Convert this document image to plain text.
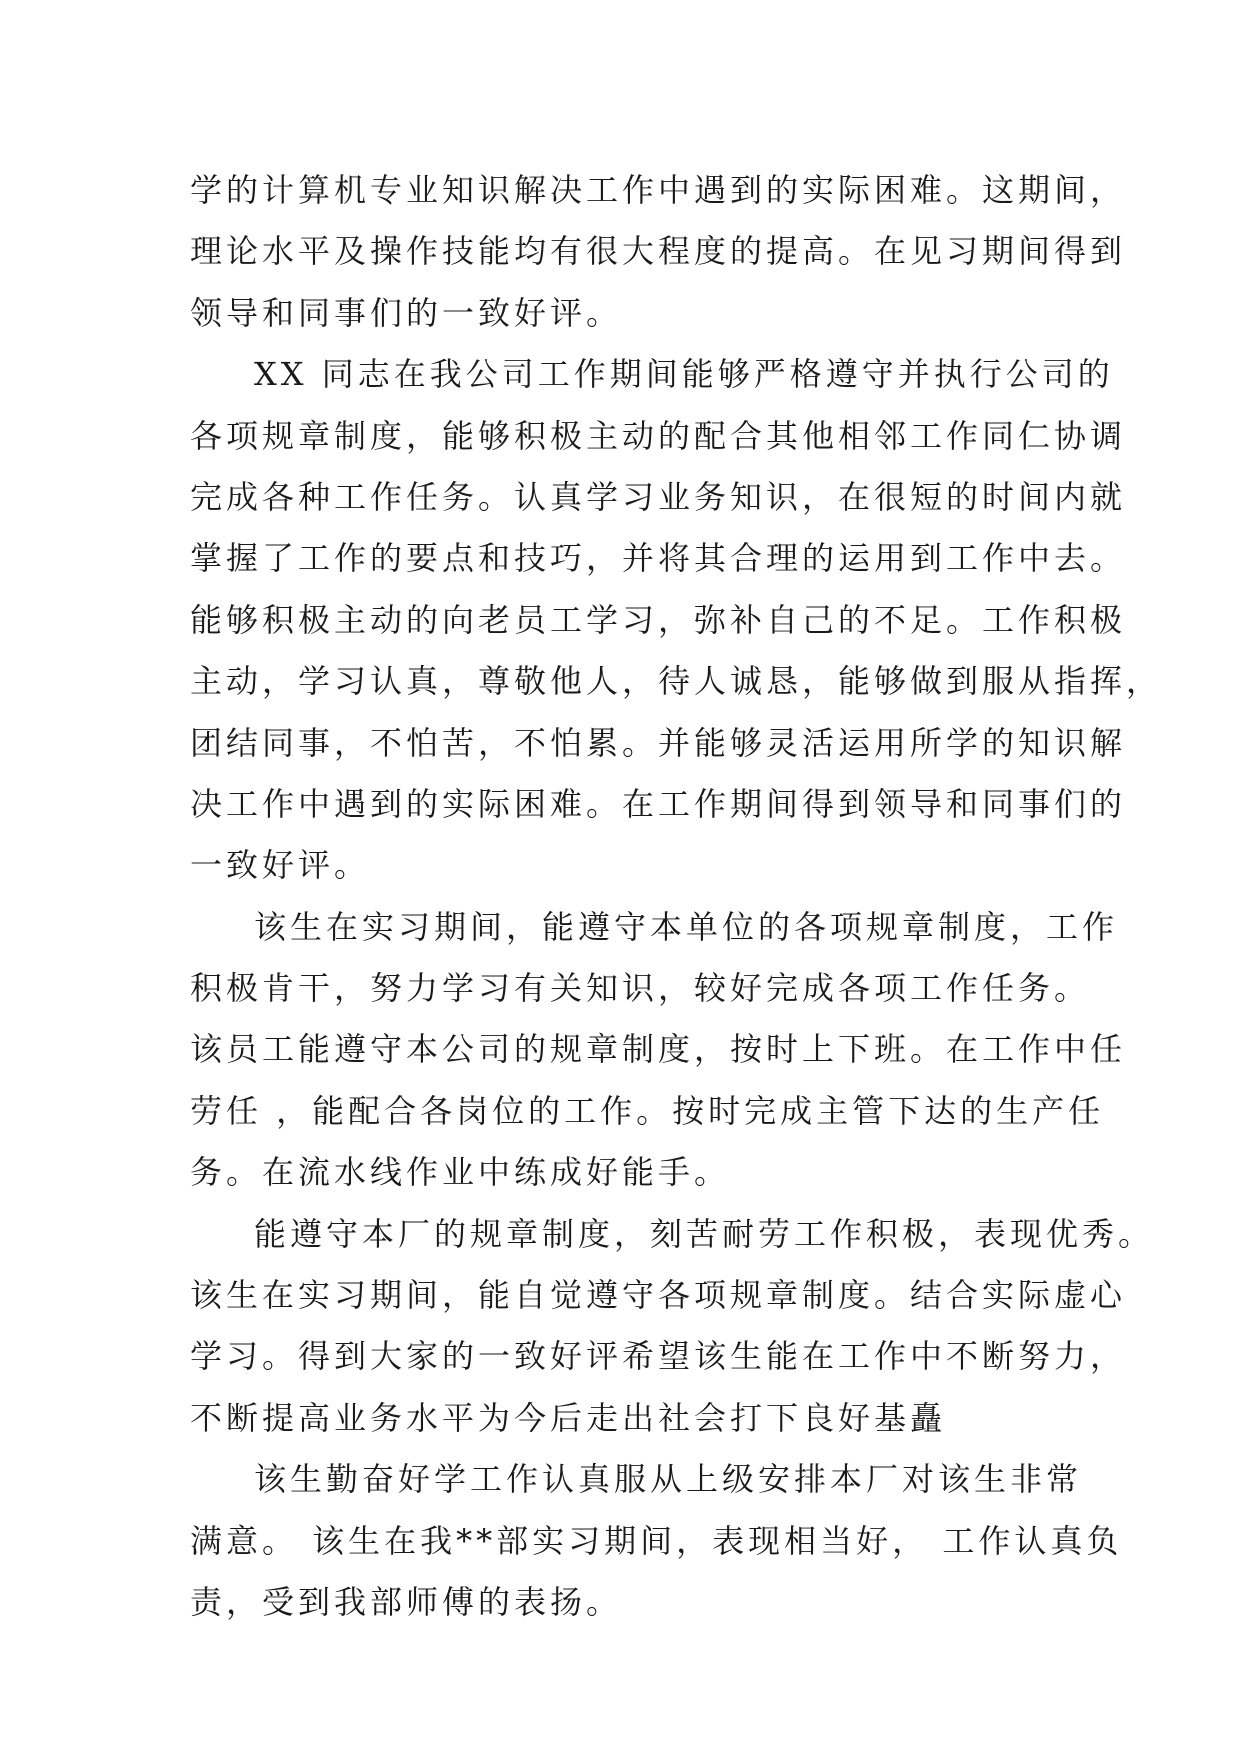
学的计算机专业知识解决工作中遇到的实际困难。这期间，
理论水平及操作技能均有很大程度的提高。在见习期间得到
领导和同事们的一致好评。
XX 同志在我公司工作期间能够严格遵守并执行公司的
各项规章制度，能够积极主动的配合其他相邻工作同仁协调
完成各种工作任务。认真学习业务知识，在很短的时间内就
掌握了工作的要点和技巧，并将其合理的运用到工作中去。
能够积极主动的向老员工学习，弥补自己的不足。工作积极
主动，学习认真，尊敬他人，待人诚恳，能够做到服从指挥，
团结同事，不怕苦，不怕累。并能够灵活运用所学的知识解
决工作中遇到的实际困难。在工作期间得到领导和同事们的
一致好评。
该生在实习期间，能遵守本单位的各项规章制度，工作
积极肯干，努力学习有关知识，较好完成各项工作任务。
该员工能遵守本公司的规章制度，按时上下班。在工作中任
劳任 ，能配合各岗位的工作。按时完成主管下达的生产任
务。在流水线作业中练成好能手。
能遵守本厂的规章制度，刻苦耐劳工作积极，表现优秀。
该生在实习期间，能自觉遵守各项规章制度。结合实际虚心
学习。得到大家的一致好评希望该生能在工作中不断努力，
不断提高业务水平为今后走出社会打下良好基矗
该生勤奋好学工作认真服从上级安排本厂对该生非常
满意。 该生在我**部实习期间，表现相当好， 工作认真负
责，受到我部师傅的表扬。
